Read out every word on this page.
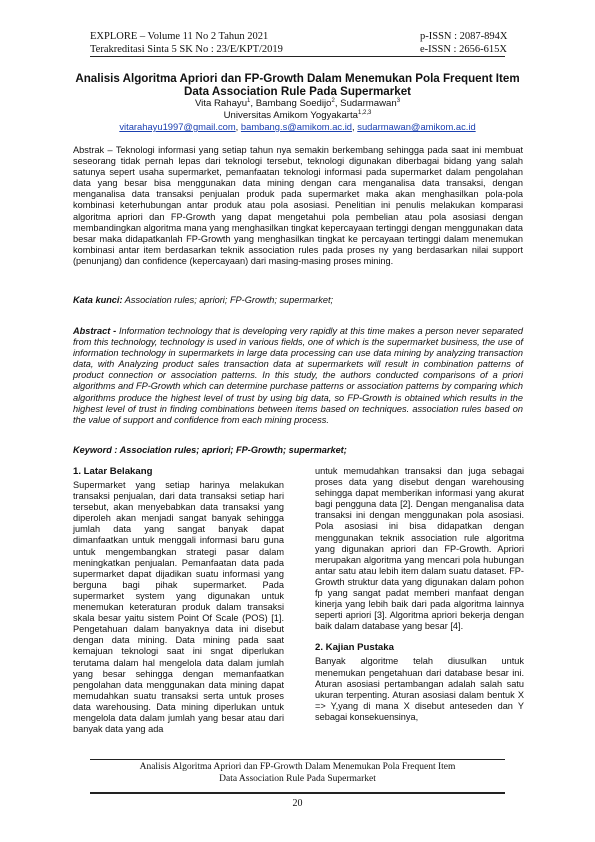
EXPLORE – Volume 11 No 2 Tahun 2021
Terakreditasi Sinta 5 SK No : 23/E/KPT/2019
p-ISSN : 2087-894X
e-ISSN : 2656-615X
Analisis Algoritma Apriori dan FP-Growth Dalam Menemukan Pola Frequent Item Data Association Rule Pada Supermarket
Vita Rahayu$^1$, Bambang Soedijo$^2$, Sudarmawan$^3$
Universitas Amikom Yogyakarta$^{1,2,3}$
vitarahayu1997@gmail.com, bambang.s@amikom.ac.id, sudarmawan@amikom.ac.id
Abstrak – Teknologi informasi yang setiap tahun nya semakin berkembang sehingga pada saat ini membuat seseorang tidak pernah lepas dari teknologi tersebut, teknologi digunakan diberbagai bidang yang salah satunya sepert usaha supermarket, pemanfaatan teknologi informasi pada supermarket dalam pengolahan data yang besar bisa menggunakan data mining dengan cara menganalisa data transaksi, dengan menganalisa data transaksi penjualan produk pada supermarket maka akan menghasilkan pola-pola kombinasi keterhubungan antar produk atau pola asosiasi. Penelitian ini penulis melakukan komparasi algoritma apriori dan FP-Growth yang dapat mengetahui pola pembelian atau pola asosiasi dengan membandingkan algoritma mana yang menghasilkan tingkat kepercayaan tertinggi dengan menggunakan data besar maka didapatkanlah FP-Growth yang menghasilkan tingkat ke percayaan tertinggi dalam menemukan kombinasi antar item berdasarkan teknik association rules pada proses ny yang berdasarkan nilai support (penunjang) dan confidence (kepercayaan) dari masing-masing proses mining.
Kata kunci: Association rules; apriori; FP-Growth; supermarket;
Abstract - Information technology that is developing very rapidly at this time makes a person never separated from this technology, technology is used in various fields, one of which is the supermarket business, the use of information technology in supermarkets in large data processing can use data mining by analyzing transaction data, with Analyzing product sales transaction data at supermarkets will result in combination patterns of product connection or association patterns. In this study, the authors conducted comparisons of a priori algorithms and FP-Growth which can determine purchase patterns or association patterns by comparing which algorithms produce the highest level of trust by using big data, so FP-Growth is obtained which results in the highest level of trust in finding combinations between items based on techniques. association rules based on the value of support and confidence from each mining process.
Keyword : Association rules; apriori; FP-Growth; supermarket;
1. Latar Belakang
Supermarket yang setiap harinya melakukan transaksi penjualan, dari data transaksi setiap hari tersebut, akan menyebabkan data transaksi yang diperoleh akan menjadi sangat banyak sehingga jumlah data yang sangat banyak dapat dimanfaatkan untuk menggali informasi baru guna untuk mengembangkan strategi pasar dalam meningkatkan penjualan. Pemanfaatan data pada supermarket dapat dijadikan suatu informasi yang berguna bagi pihak supermarket. Pada supermarket system yang digunakan untuk menemukan keteraturan produk dalam transaksi skala besar yaitu sistem Point Of Scale (POS) [1]. Pengetahuan dalam banyaknya data ini disebut dengan data mining. Data mining pada saat kemajuan teknologi saat ini sngat diperlukan terutama dalam hal mengelola data dalam jumlah yang besar sehingga dengan memanfaatkan pengolahan data menggunakan data mining dapat memudahkan suatu transaksi serta untuk proses data warehousing. Data mining diperlukan untuk mengelola data dalam jumlah yang besar atau dari banyak data yang ada
untuk memudahkan transaksi dan juga sebagai proses data yang disebut dengan warehousing sehingga dapat memberikan informasi yang akurat bagi pengguna data [2]. Dengan menganalisa data transaksi ini dengan menggunakan pola asosiasi. Pola asosiasi ini bisa didapatkan dengan menggunakan teknik association rule algoritma yang digunakan apriori dan FP-Growth. Apriori merupakan algoritma yang mencari pola hubungan antar satu atau lebih item dalam suatu dataset. FP-Growth struktur data yang digunakan dalam pohon fp yang sangat padat memberi manfaat dengan kinerja yang lebih baik dari pada algoritma lainnya seperti apriori [3]. Algoritma apriori bekerja dengan baik dalam database yang besar [4].
2. Kajian Pustaka
Banyak algoritme telah diusulkan untuk menemukan pengetahuan dari database besar ini. Aturan asosiasi pertambangan adalah salah satu ukuran terpenting. Aturan asosiasi dalam bentuk X => Y,yang di mana X disebut anteseden dan Y sebagai konsekuensinya,
Analisis Algoritma Apriori dan FP-Growth Dalam Menemukan Pola Frequent Item
Data Association Rule Pada Supermarket
20
